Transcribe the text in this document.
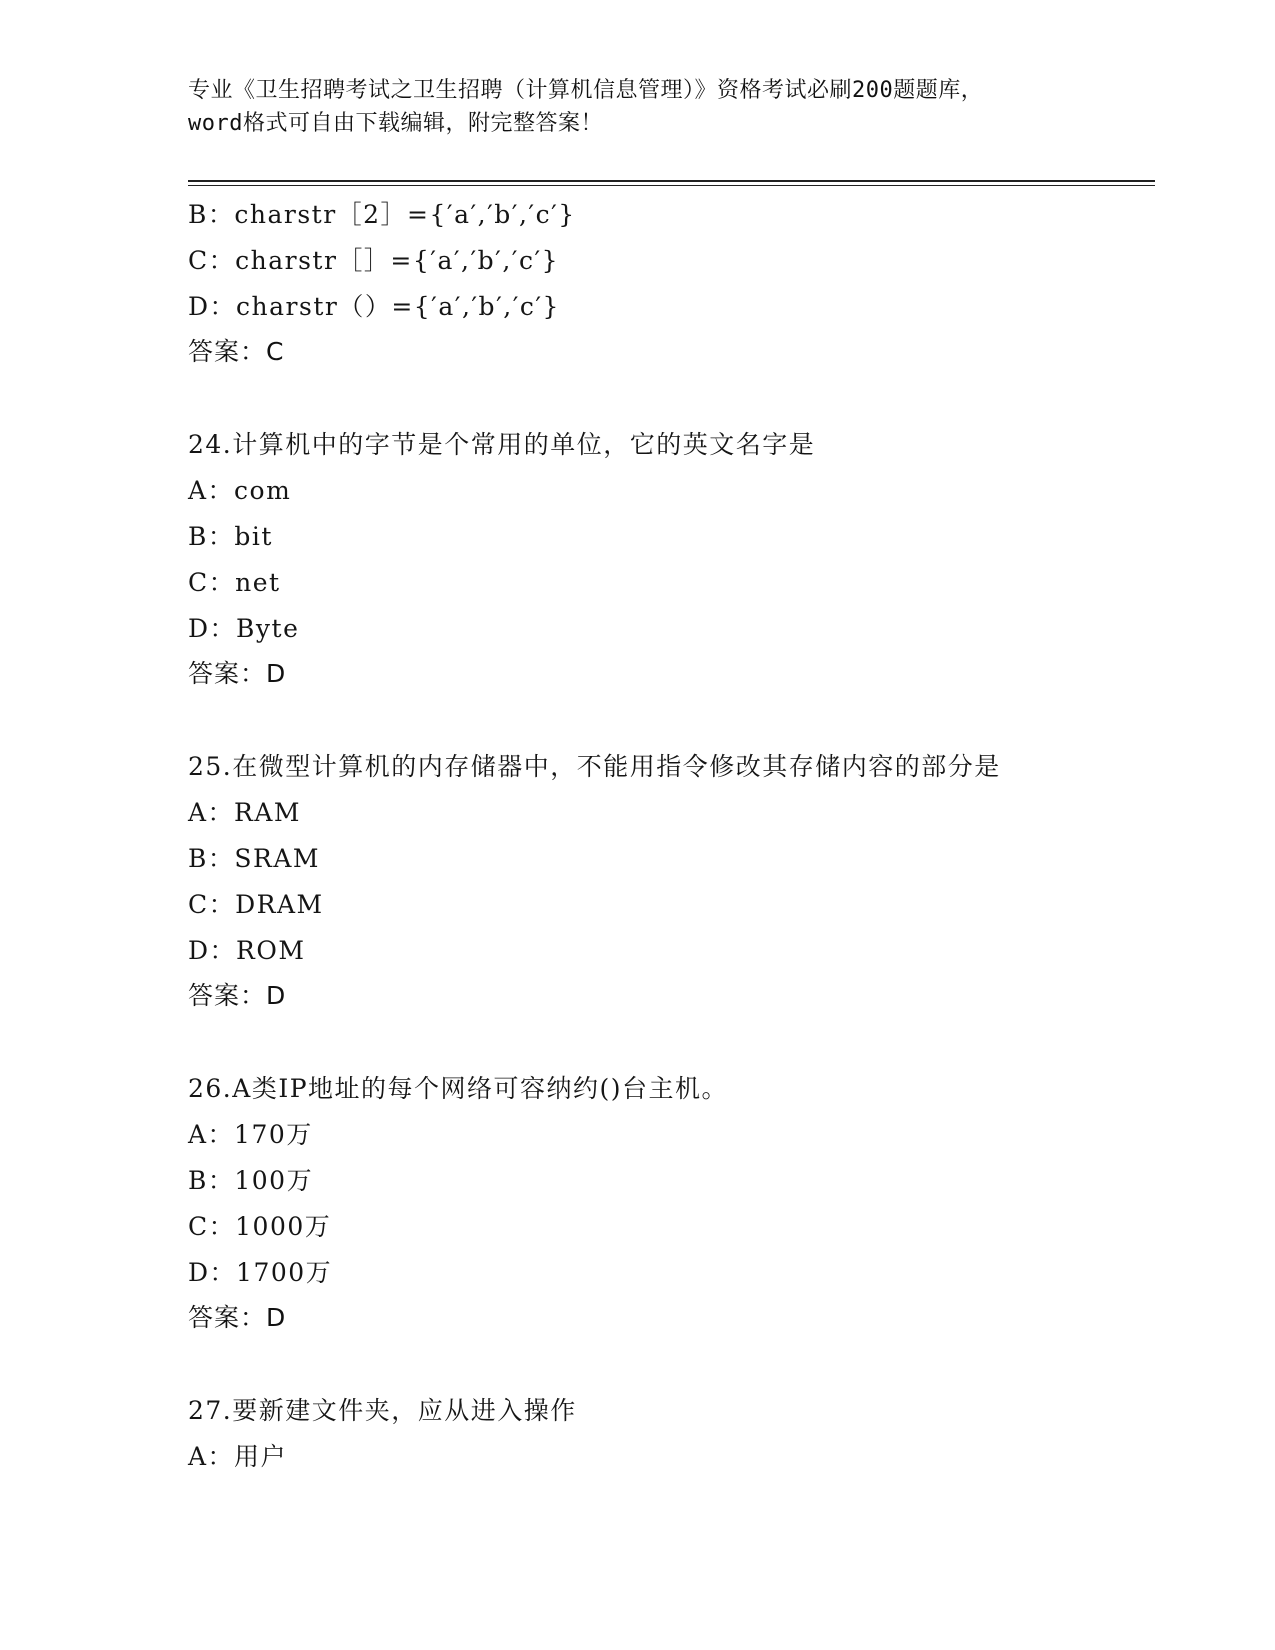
专业《卫生招聘考试之卫生招聘（计算机信息管理）》资格考试必刷200题题库，
word格式可自由下载编辑，附完整答案！
B：charstr［2］={′a′,′b′,′c′}
C：charstr［］={′a′,′b′,′c′}
D：charstr（）={′a′,′b′,′c′}
答案：C
24.计算机中的字节是个常用的单位，它的英文名字是
A：com
B：bit
C：net
D：Byte
答案：D
25.在微型计算机的内存储器中，不能用指令修改其存储内容的部分是
A：RAM
B：SRAM
C：DRAM
D：ROM
答案：D
26.A类IP地址的每个网络可容纳约()台主机。
A：170万
B：100万
C：1000万
D：1700万
答案：D
27.要新建文件夹，应从进入操作
A：用户
